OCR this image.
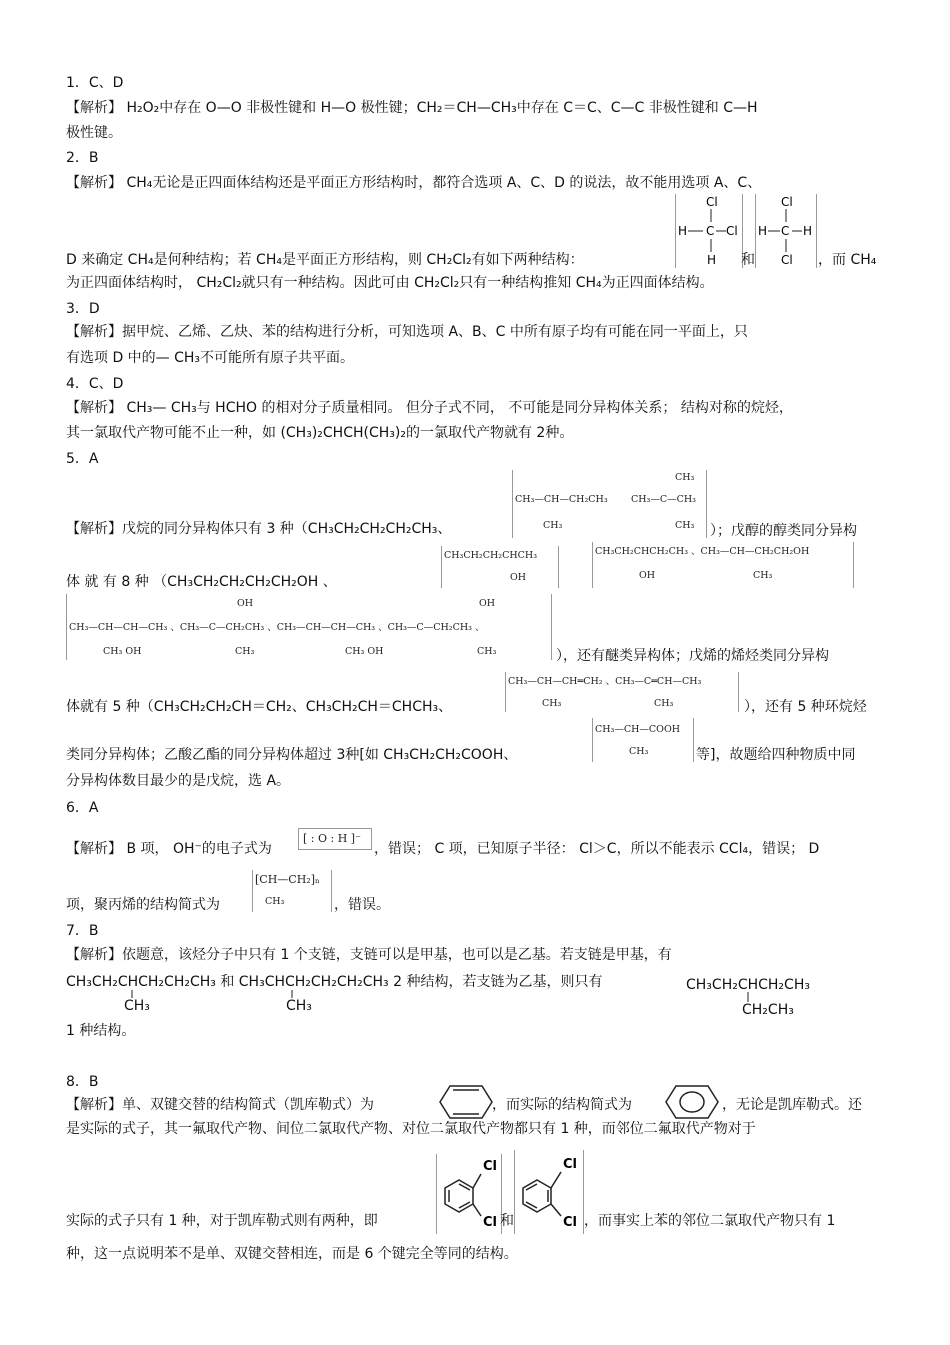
1．C、D
【解析】 H₂O₂中存在 O—O 非极性键和 H—O 极性键；CH₂＝CH—CH₃中存在 C＝C、C—C 非极性键和 C—H
极性键。
2．B
【解析】 CH₄无论是正四面体结构还是平面正方形结构时，都符合选项 A、C、D 的说法，故不能用选项 A、C、
D 来确定 CH₄是何种结构；若 CH₄是平面正方形结构，则 CH₂Cl₂有如下两种结构：
为正四面体结构时， CH₂Cl₂就只有一种结构。因此可由 CH₂Cl₂只有一种结构推知 CH₄为正四面体结构。
3．D
【解析】据甲烷、乙烯、乙炔、苯的结构进行分析，可知选项 A、B、C 中所有原子均有可能在同一平面上，只
有选项 D 中的— CH₃不可能所有原子共平面。
4．C、D
【解析】 CH₃— CH₃与 HCHO 的相对分子质量相同。 但分子式不同， 不可能是同分异构体关系； 结构对称的烷烃，
其一氯取代产物可能不止一种，如 (CH₃)₂CHCH(CH₃)₂的一氯取代产物就有 2种。
5．A
【解析】戊烷的同分异构体只有 3 种（CH₃CH₂CH₂CH₂CH₃、	）；戊醇的醇类同分异构
体 就 有 8 种 （CH₃CH₂CH₂CH₂CH₂OH 、
），还有醚类异构体；戊烯的烯烃类同分异构
体就有 5 种（CH₃CH₂CH₂CH＝CH₂、CH₃CH₂CH＝CHCH₃、	），还有 5 种环烷烃
类同分异构体；乙酸乙酯的同分异构体超过 3种[如 CH₃CH₂CH₂COOH、	等]，故题给四种物质中同
分异构体数目最少的是戊烷，选 A。
6．A
【解析】 B 项， OH⁻的电子式为	，错误； C 项，已知原子半径： Cl＞C，所以不能表示 CCl₄，错误； D
项，聚丙烯的结构简式为	，错误。
7．B
【解析】依题意，该烃分子中只有 1 个支链，支链可以是甲基，也可以是乙基。若支链是甲基，有
CH₃CH₂CHCH₂CH₂CH₃ 和 CH₃CHCH₂CH₂CH₂CH₃ 2 种结构，若支链为乙基，则只有
1 种结构。
8．B
【解析】单、双键交替的结构简式（凯库勒式）为	，而实际的结构简式为	，无论是凯库勒式。还
是实际的式子，其一氟取代产物、间位二氯取代产物、对位二氯取代产物都只有 1 种，而邻位二氟取代产物对于
实际的式子只有 1 种，对于凯库勒式则有两种，即	，而事实上苯的邻位二氯取代产物只有 1
种，这一点说明苯不是单、双键交替相连，而是 6 个键完全等同的结构。
Cl
H C Cl
H 和
Cl
H C H
Cl ，而 CH₄
CH₃
CH₃—CH—CH₂CH₃ CH₃—C—CH₃
CH₃	CH₃
CH₃CH₂CH₂CHCH₃
OH
CH₃CH₂CHCH₂CH₃ 、CH₃—CH—CH₂CH₂OH
OH	CH₃
OH	OH
CH₃—CH—CH—CH₃ 、CH₃—C—CH₂CH₃ 、CH₃—CH—CH—CH₃ 、CH₃—C—CH₂CH₃ 、
CH₃ OH	CH₃	CH₃ OH	CH₃
CH₃—CH—CH═CH₂ 、CH₃—C═CH—CH₃
CH₃	CH₃
CH₃—CH—COOH
CH₃
[ : O : H ]⁻
[CH—CH₂]ₙ
CH₃
CH₃	CH₃
CH₃CH₂CHCH₂CH₃
CH₂CH₃
Cl
Cl 和
Cl
Cl
